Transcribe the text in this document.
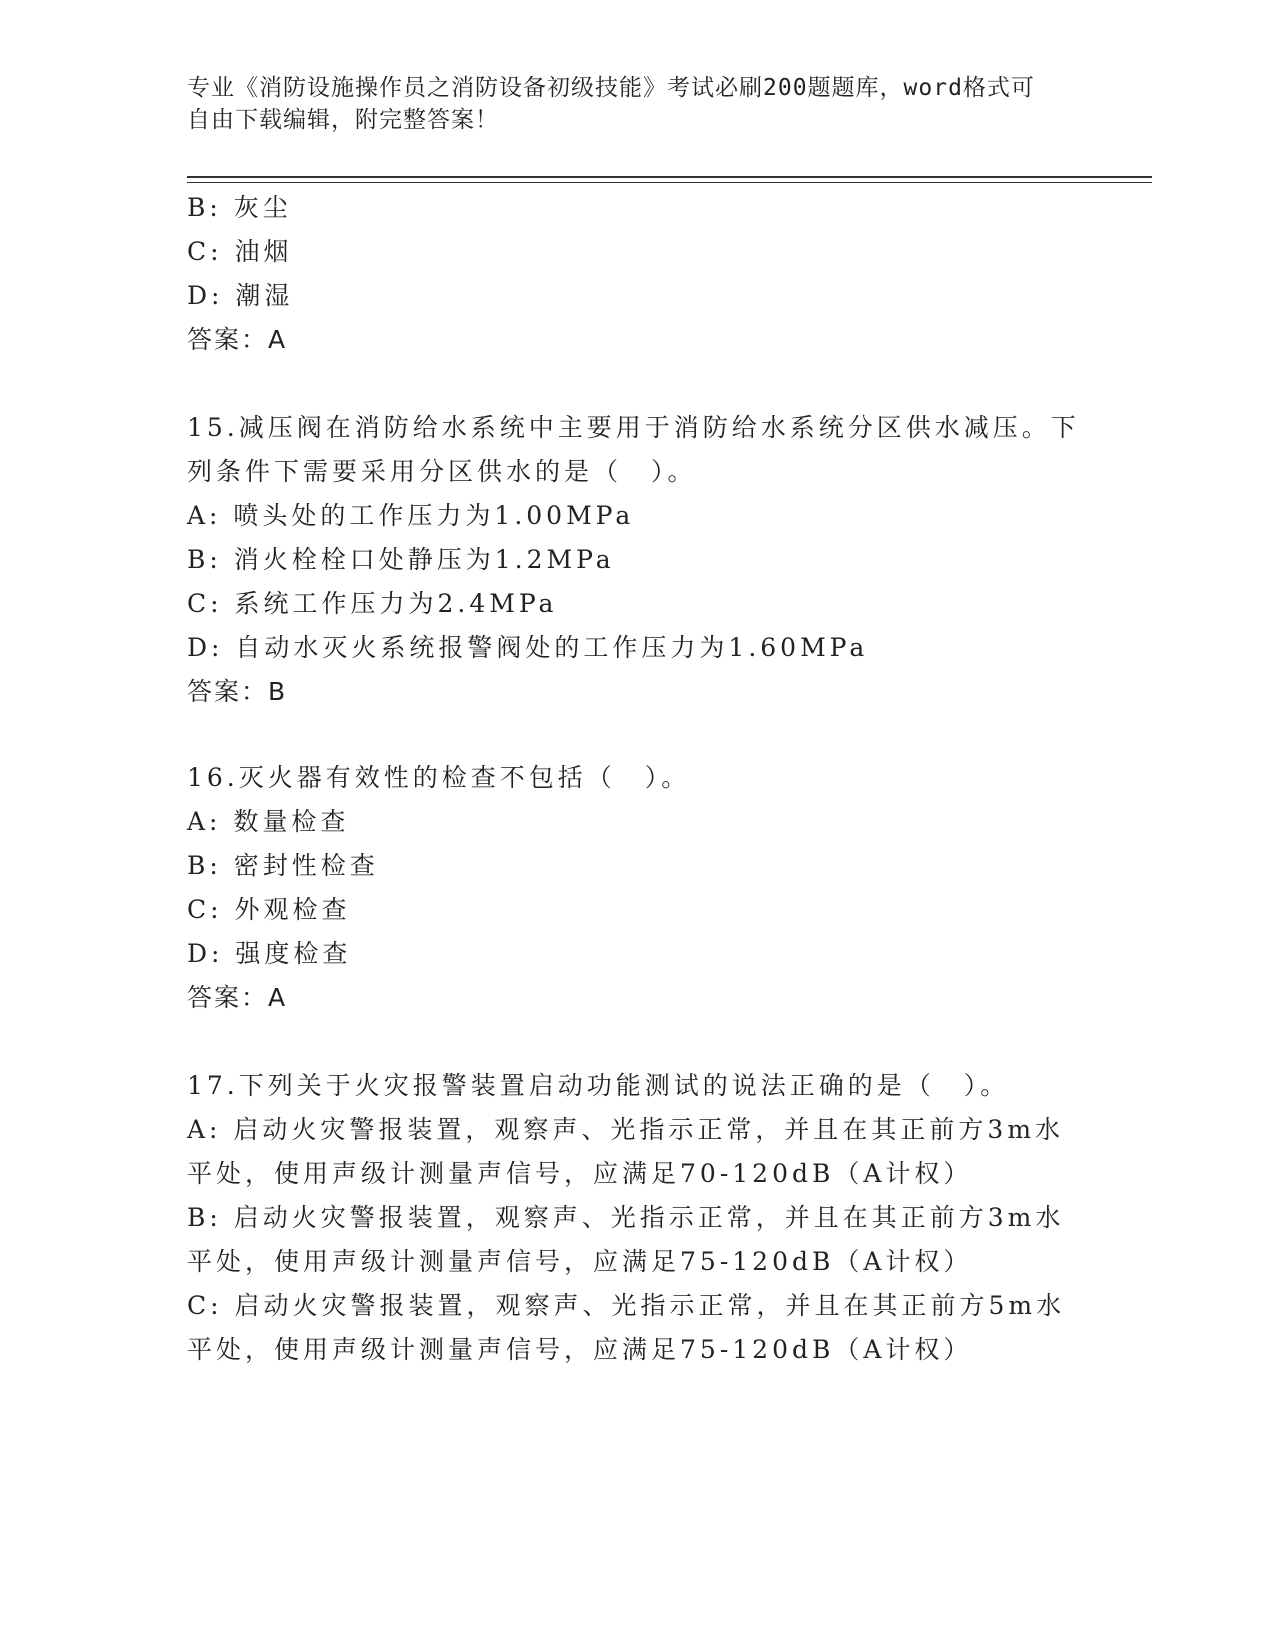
专业《消防设施操作员之消防设备初级技能》考试必刷200题题库，word格式可
自由下载编辑，附完整答案！
B: 灰尘
C: 油烟
D: 潮湿
答案：A
15.减压阀在消防给水系统中主要用于消防给水系统分区供水减压。下
列条件下需要采用分区供水的是（　）。
A: 喷头处的工作压力为1.00MPa
B: 消火栓栓口处静压为1.2MPa
C: 系统工作压力为2.4MPa
D: 自动水灭火系统报警阀处的工作压力为1.60MPa
答案：B
16.灭火器有效性的检查不包括（　）。
A: 数量检查
B: 密封性检查
C: 外观检查
D: 强度检查
答案：A
17.下列关于火灾报警装置启动功能测试的说法正确的是（　）。
A: 启动火灾警报装置，观察声、光指示正常，并且在其正前方3m水
平处，使用声级计测量声信号，应满足70-120dB（A计权）
B: 启动火灾警报装置，观察声、光指示正常，并且在其正前方3m水
平处，使用声级计测量声信号，应满足75-120dB（A计权）
C: 启动火灾警报装置，观察声、光指示正常，并且在其正前方5m水
平处，使用声级计测量声信号，应满足75-120dB（A计权）
